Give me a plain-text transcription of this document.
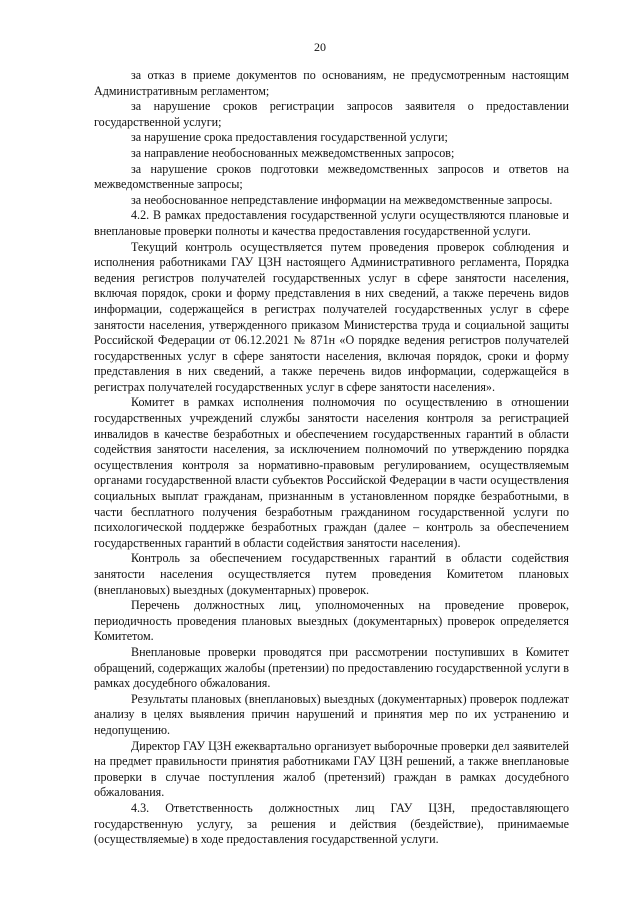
20

за отказ в приеме документов по основаниям, не предусмотренным настоящим Административным регламентом;

за нарушение сроков регистрации запросов заявителя о предоставлении государственной услуги;

за нарушение срока предоставления государственной услуги;

за направление необоснованных межведомственных запросов;

за нарушение сроков подготовки межведомственных запросов и ответов на межведомственные запросы;

за необоснованное непредставление информации на межведомственные запросы.

4.2. В рамках предоставления государственной услуги осуществляются плановые и внеплановые проверки полноты и качества предоставления государственной услуги.

Текущий контроль осуществляется путем проведения проверок соблюдения и исполнения работниками ГАУ ЦЗН настоящего Административного регламента, Порядка ведения регистров получателей государственных услуг в сфере занятости населения, включая порядок, сроки и форму представления в них сведений, а также перечень видов информации, содержащейся в регистрах получателей государственных услуг в сфере занятости населения, утвержденного приказом Министерства труда и социальной защиты Российской Федерации от 06.12.2021 № 871н «О порядке ведения регистров получателей государственных услуг в сфере занятости населения, включая порядок, сроки и форму представления в них сведений, а также перечень видов информации, содержащейся в регистрах получателей государственных услуг в сфере занятости населения».

Комитет в рамках исполнения полномочия по осуществлению в отношении государственных учреждений службы занятости населения контроля за регистрацией инвалидов в качестве безработных и обеспечением государственных гарантий в области содействия занятости населения, за исключением полномочий по утверждению порядка осуществления контроля за нормативно-правовым регулированием, осуществляемым органами государственной власти субъектов Российской Федерации в части осуществления социальных выплат гражданам, признанным в установленном порядке безработными, в части бесплатного получения безработным гражданином государственной услуги по психологической поддержке безработных граждан (далее – контроль за обеспечением государственных гарантий в области содействия занятости населения).

Контроль за обеспечением государственных гарантий в области содействия занятости населения осуществляется путем проведения Комитетом плановых (внеплановых) выездных (документарных) проверок.

Перечень должностных лиц, уполномоченных на проведение проверок, периодичность проведения плановых выездных (документарных) проверок определяется Комитетом.

Внеплановые проверки проводятся при рассмотрении поступивших в Комитет обращений, содержащих жалобы (претензии) по предоставлению государственной услуги в рамках досудебного обжалования.

Результаты плановых (внеплановых) выездных (документарных) проверок подлежат анализу в целях выявления причин нарушений и принятия мер по их устранению и недопущению.

Директор ГАУ ЦЗН ежеквартально организует выборочные проверки дел заявителей на предмет правильности принятия работниками ГАУ ЦЗН решений, а также внеплановые проверки в случае поступления жалоб (претензий) граждан в рамках досудебного обжалования.

4.3. Ответственность должностных лиц ГАУ ЦЗН, предоставляющего государственную услугу, за решения и действия (бездействие), принимаемые (осуществляемые) в ходе предоставления государственной услуги.
